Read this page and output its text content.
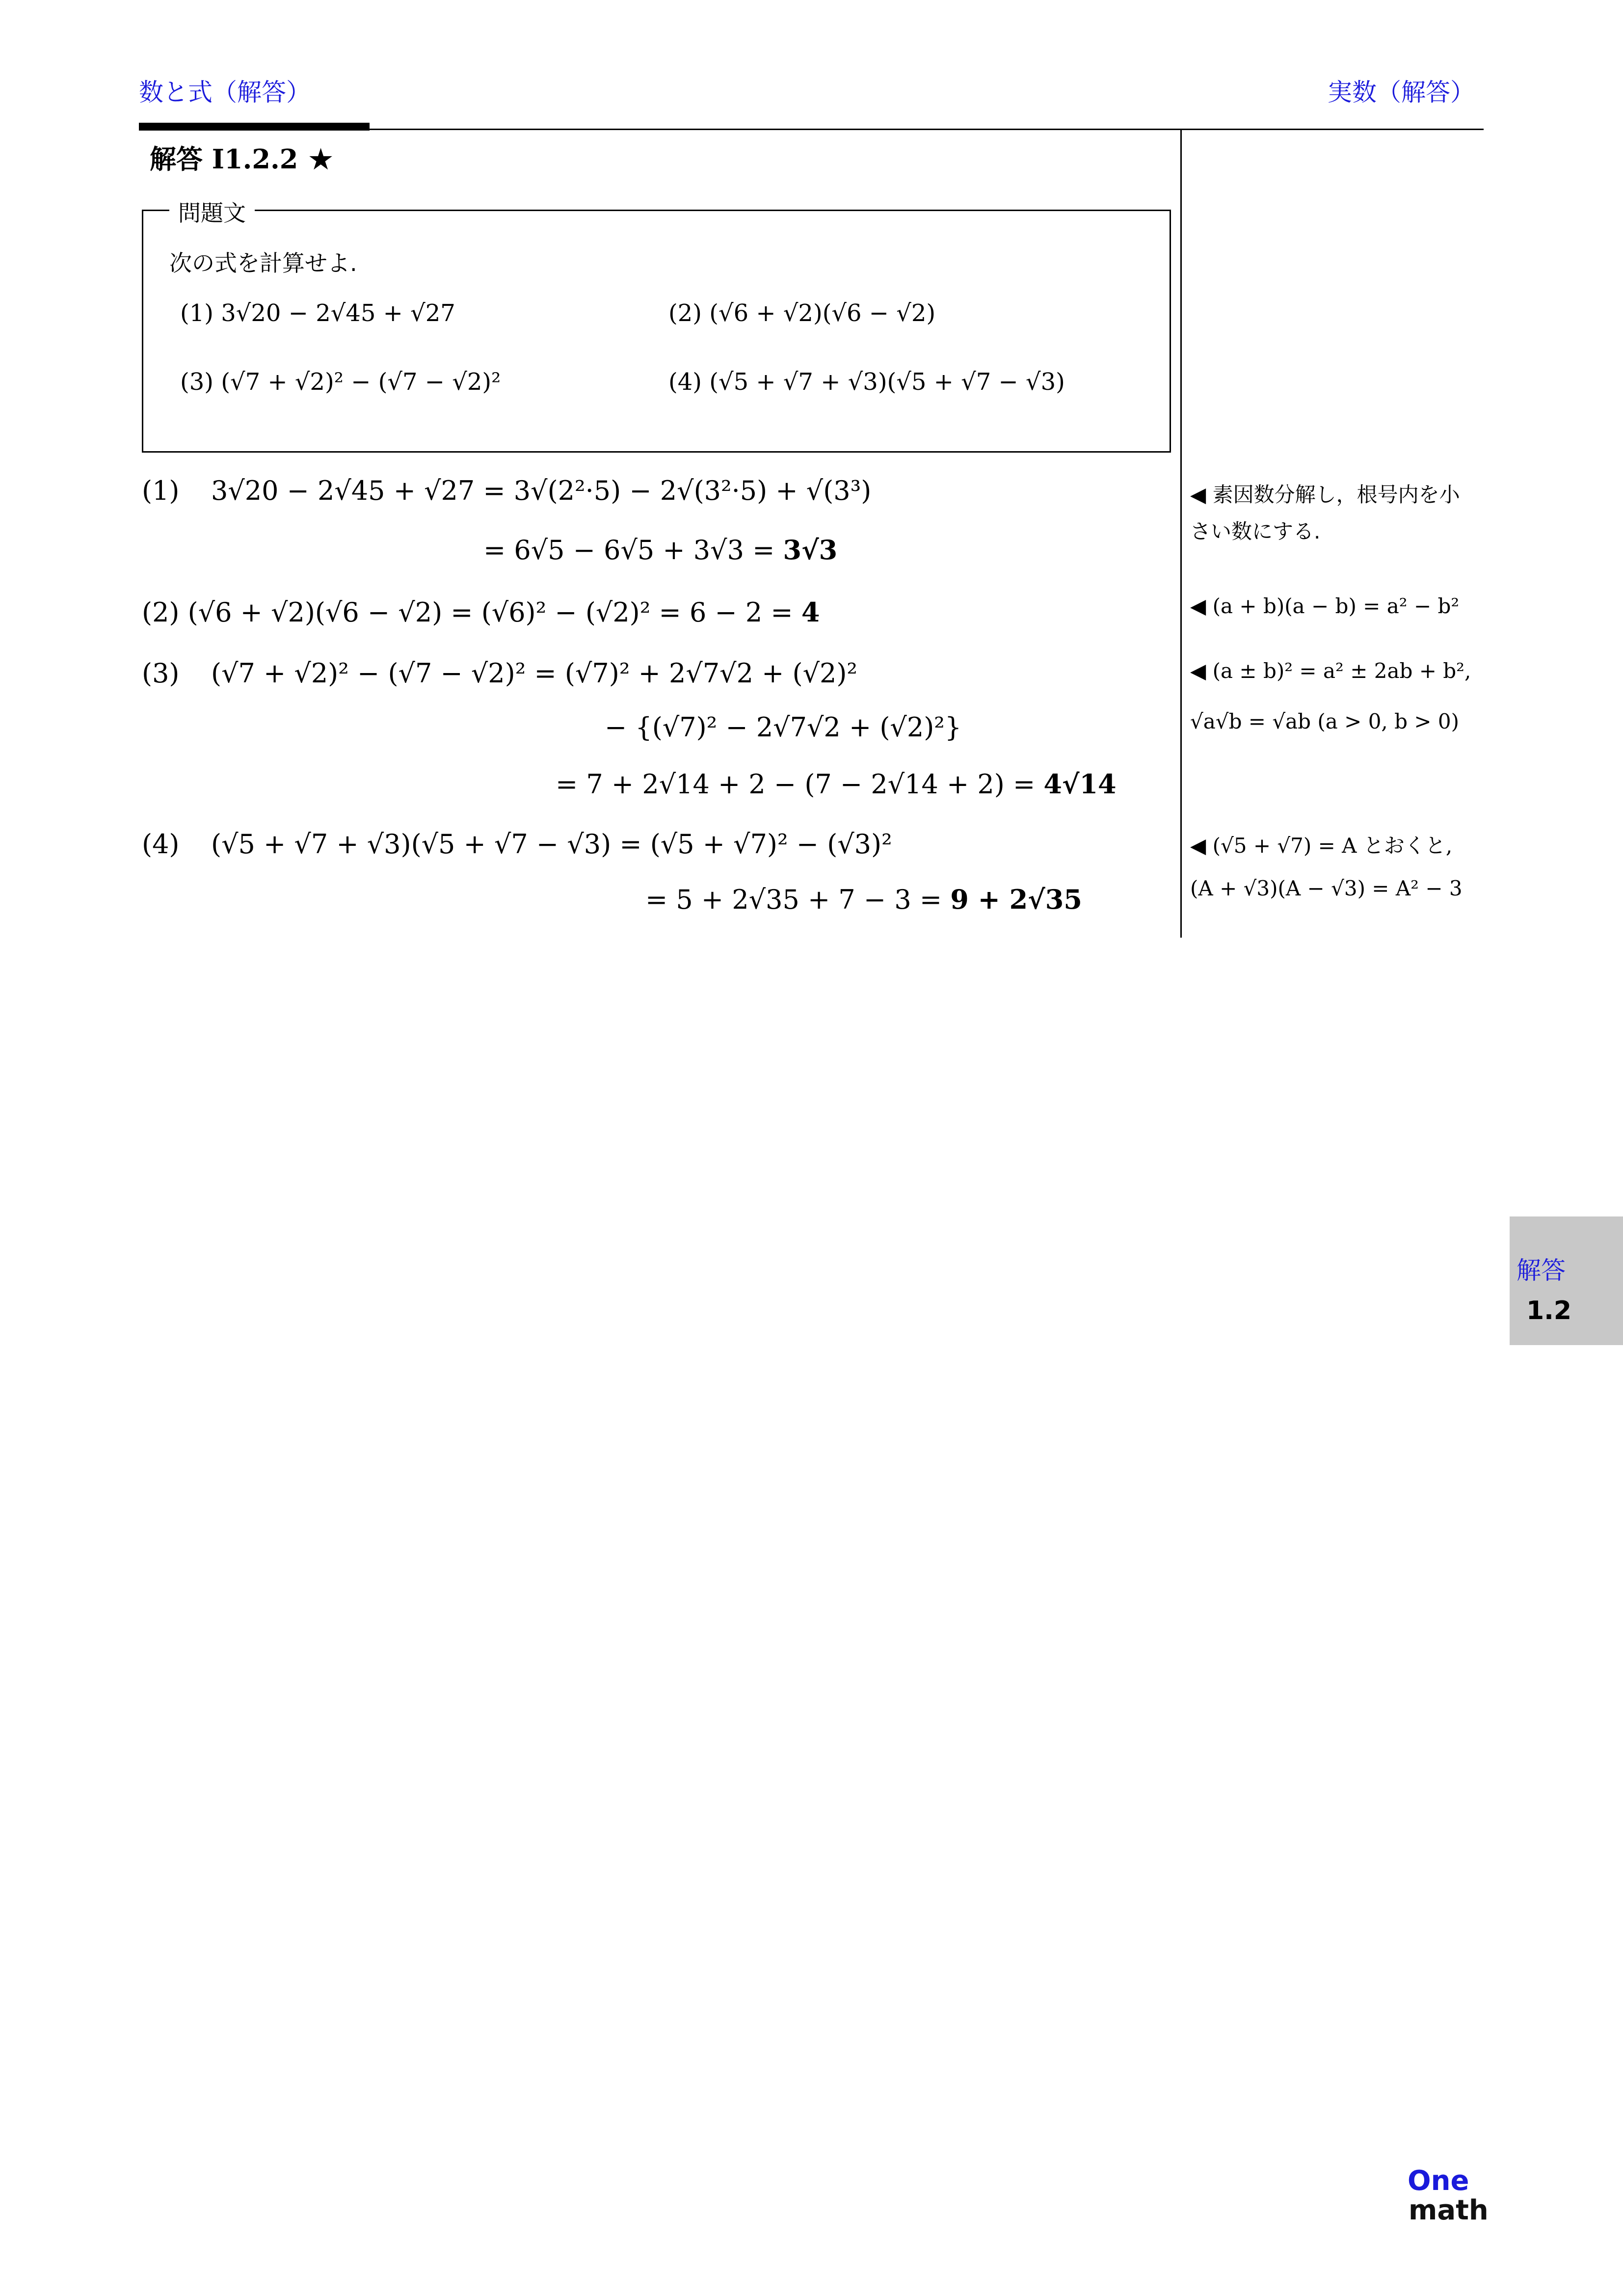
数と式（解答）	実数（解答）
解答 I1.2.2 ★
問題文
次の式を計算せよ.
(1) 3√20 − 2√45 + √27	(2) (√6 + √2)(√6 − √2)
(3) (√7 + √2)² − (√7 − √2)²	(4) (√5 + √7 + √3)(√5 + √7 − √3)
(1) 3√20 − 2√45 + √27 = 3√(2²·5) − 2√(3²·5) + √(3³)
= 6√5 − 6√5 + 3√3 = 3√3
(2) (√6 + √2)(√6 − √2) = (√6)² − (√2)² = 6 − 2 = 4
(3) (√7 + √2)² − (√7 − √2)² = (√7)² + 2√7√2 + (√2)²
− {(√7)² − 2√7√2 + (√2)²}
= 7 + 2√14 + 2 − (7 − 2√14 + 2) = 4√14
(4) (√5 + √7 + √3)(√5 + √7 − √3) = (√5 + √7)² − (√3)²
= 5 + 2√35 + 7 − 3 = 9 + 2√35
◀ 素因数分解し，根号内を小
さい数にする.
◀ (a + b)(a − b) = a² − b²
◀ (a ± b)² = a² ± 2ab + b²,
√a√b = √ab (a > 0, b > 0)
◀ (√5 + √7) = A とおくと,
(A + √3)(A − √3) = A² − 3
解答
1.2
One
math
